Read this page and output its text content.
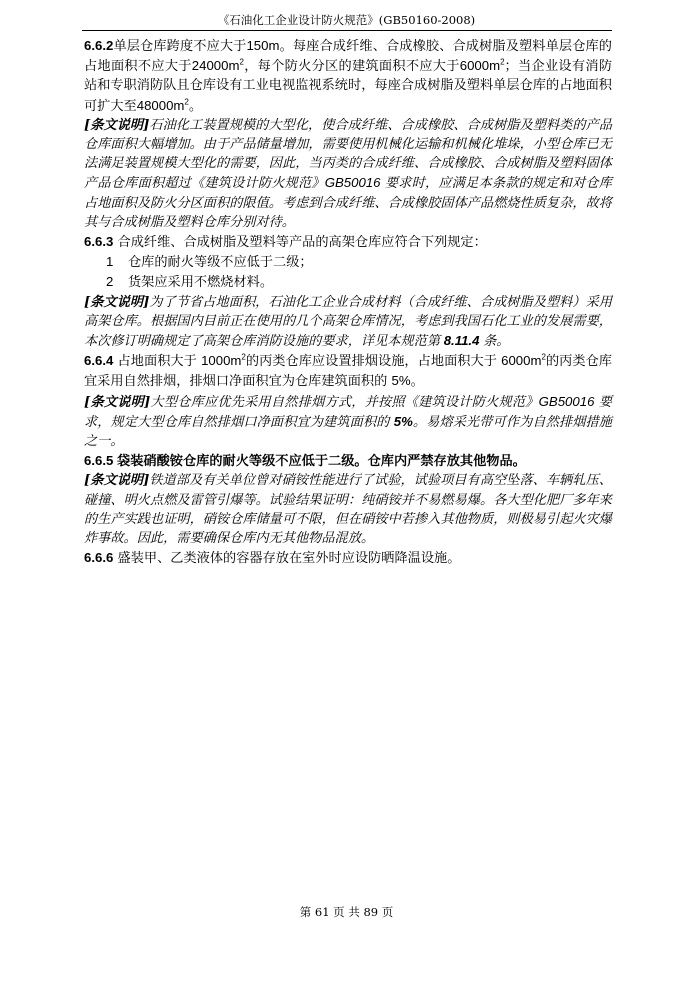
《石油化工企业设计防火规范》(GB50160-2008)

6.6.2单层仓库跨度不应大于150m。每座合成纤维、合成橡胶、合成树脂及塑料单层仓库的占地面积不应大于$24000m^2$，每个防火分区的建筑面积不应大于$6000m^2$；当企业设有消防站和专职消防队且仓库设有工业电视监视系统时，每座合成树脂及塑料单层仓库的占地面积可扩大至$48000m^2$。

[条文说明]石油化工装置规模的大型化，使合成纤维、合成橡胶、合成树脂及塑料类的产品仓库面积大幅增加。由于产品储量增加，需要使用机械化运输和机械化堆垛，小型仓库已无法满足装置规模大型化的需要，因此，当丙类的合成纤维、合成橡胶、合成树脂及塑料固体产品仓库面积超过《建筑设计防火规范》GB50016 要求时，应满足本条款的规定和对仓库占地面积及防火分区面积的限值。考虑到合成纤维、合成橡胶固体产品燃烧性质复杂，故将其与合成树脂及塑料仓库分别对待。

6.6.3 合成纤维、合成树脂及塑料等产品的高架仓库应符合下列规定：

1 仓库的耐火等级不应低于二级；

2 货架应采用不燃烧材料。

[条文说明]为了节省占地面积，石油化工企业合成材料（合成纤维、合成树脂及塑料）采用高架仓库。根据国内目前正在使用的几个高架仓库情况，考虑到我国石化工业的发展需要，本次修订明确规定了高架仓库消防设施的要求，详见本规范第 8.11.4 条。

6.6.4 占地面积大于 $1000m^2$的丙类仓库应设置排烟设施，占地面积大于 $6000m^2$的丙类仓库宜采用自然排烟，排烟口净面积宜为仓库建筑面积的 5%。

[条文说明]大型仓库应优先采用自然排烟方式，并按照《建筑设计防火规范》GB50016 要求，规定大型仓库自然排烟口净面积宜为建筑面积的 5%。易熔采光带可作为自然排烟措施之一。

6.6.5 袋装硝酸铵仓库的耐火等级不应低于二级。仓库内严禁存放其他物品。

[条文说明]铁道部及有关单位曾对硝铵性能进行了试验，试验项目有高空坠落、车辆轧压、碰撞、明火点燃及雷管引爆等。试验结果证明：纯硝铵并不易燃易爆。各大型化肥厂多年来的生产实践也证明，硝铵仓库储量可不限，但在硝铵中若掺入其他物质，则极易引起火灾爆炸事故。因此，需要确保仓库内无其他物品混放。

6.6.6 盛装甲、乙类液体的容器存放在室外时应设防晒降温设施。

第 61 页 共 89 页
